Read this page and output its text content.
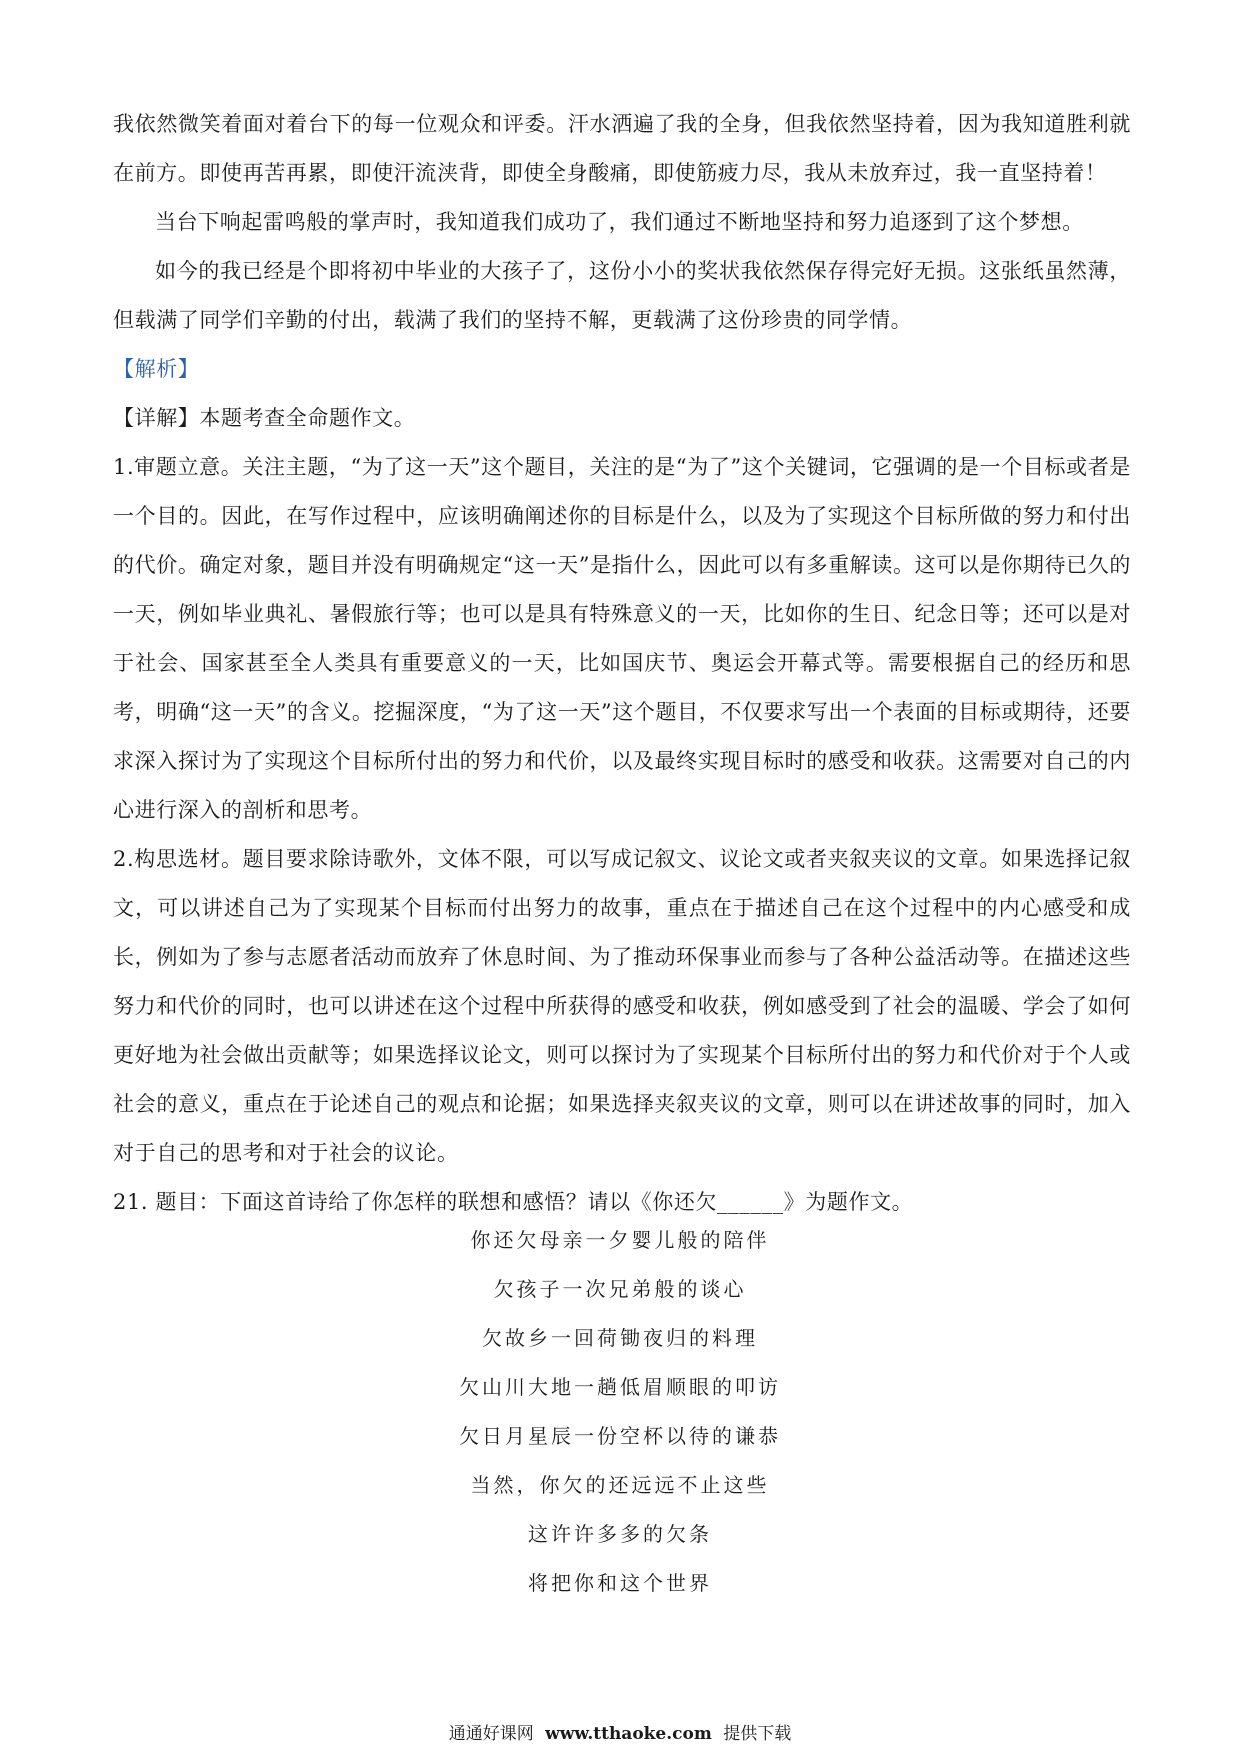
我依然微笑着面对着台下的每一位观众和评委。汗水洒遍了我的全身，但我依然坚持着，因为我知道胜利就在前方。即使再苦再累，即使汗流浃背，即使全身酸痛，即使筋疲力尽，我从未放弃过，我一直坚持着！

当台下响起雷鸣般的掌声时，我知道我们成功了，我们通过不断地坚持和努力追逐到了这个梦想。

如今的我已经是个即将初中毕业的大孩子了，这份小小的奖状我依然保存得完好无损。这张纸虽然薄，但载满了同学们辛勤的付出，载满了我们的坚持不解，更载满了这份珍贵的同学情。

【解析】

【详解】本题考查全命题作文。

1.审题立意。关注主题，“为了这一天”这个题目，关注的是“为了”这个关键词，它强调的是一个目标或者是一个目的。因此，在写作过程中，应该明确阐述你的目标是什么，以及为了实现这个目标所做的努力和付出的代价。确定对象，题目并没有明确规定“这一天”是指什么，因此可以有多重解读。这可以是你期待已久的一天，例如毕业典礼、暑假旅行等；也可以是具有特殊意义的一天，比如你的生日、纪念日等；还可以是对于社会、国家甚至全人类具有重要意义的一天，比如国庆节、奥运会开幕式等。需要根据自己的经历和思考，明确“这一天”的含义。挖掘深度，“为了这一天”这个题目，不仅要求写出一个表面的目标或期待，还要求深入探讨为了实现这个目标所付出的努力和代价，以及最终实现目标时的感受和收获。这需要对自己的内心进行深入的剖析和思考。

2.构思选材。题目要求除诗歌外，文体不限，可以写成记叙文、议论文或者夹叙夹议的文章。如果选择记叙文，可以讲述自己为了实现某个目标而付出努力的故事，重点在于描述自己在这个过程中的内心感受和成长，例如为了参与志愿者活动而放弃了休息时间、为了推动环保事业而参与了各种公益活动等。在描述这些努力和代价的同时，也可以讲述在这个过程中所获得的感受和收获，例如感受到了社会的温暖、学会了如何更好地为社会做出贡献等；如果选择议论文，则可以探讨为了实现某个目标所付出的努力和代价对于个人或社会的意义，重点在于论述自己的观点和论据；如果选择夹叙夹议的文章，则可以在讲述故事的同时，加入对于自己的思考和对于社会的议论。

21. 题目：下面这首诗给了你怎样的联想和感悟？请以《你还欠______》为题作文。

你还欠母亲一夕婴儿般的陪伴
欠孩子一次兄弟般的谈心
欠故乡一回荷锄夜归的料理
欠山川大地一趟低眉顺眼的叩访
欠日月星辰一份空杯以待的谦恭
当然，你欠的还远远不止这些
这许许多多的欠条
将把你和这个世界
通通好课网 www.tthaoke.com 提供下载
